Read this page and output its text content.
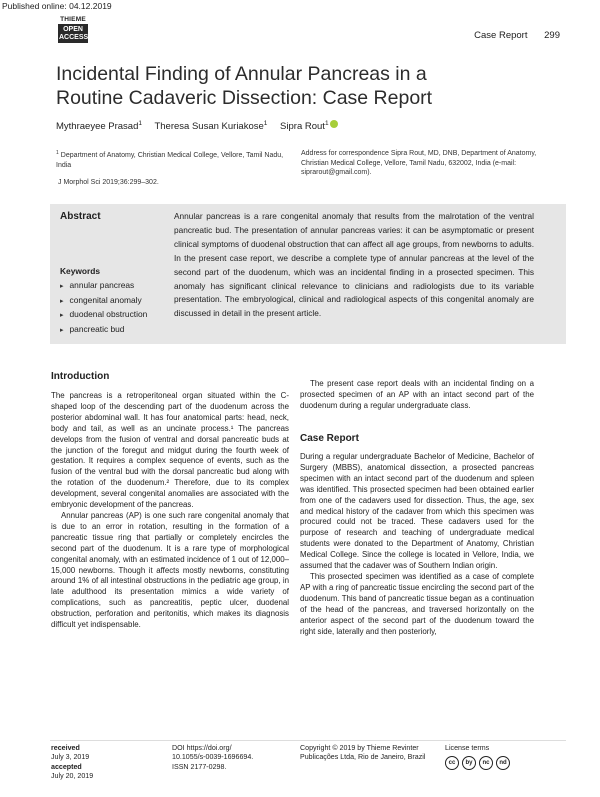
Published online: 04.12.2019
THIEME
OPEN
ACCESS	Case Report 299
Incidental Finding of Annular Pancreas in a Routine Cadaveric Dissection: Case Report
Mythraeyee Prasad$^1$ Theresa Susan Kuriakose$^1$ Sipra Rout$^1$
$^1$ Department of Anatomy, Christian Medical College, Vellore, Tamil Nadu, India
Address for correspondence Sipra Rout, MD, DNB, Department of Anatomy, Christian Medical College, Vellore, Tamil Nadu, 632002, India (e-mail: siprarout@gmail.com).
J Morphol Sci 2019;36:299–302.
Abstract	Annular pancreas is a rare congenital anomaly that results from the malrotation of the ventral pancreatic bud. The presentation of annular pancreas varies: it can be asymptomatic or present clinical symptoms of duodenal obstruction that can affect all age groups, from newborns to adults. In the present case report, we describe a complete type of annular pancreas at the level of the second part of the duodenum, which was an incidental finding in a prosected specimen. This anomaly has significant clinical relevance to clinicians and radiologists due to its variable presentation. The embryological, clinical and radiological aspects of this congenital anomaly are discussed in detail in the present article.
Keywords
▸ annular pancreas
▸ congenital anomaly
▸ duodenal obstruction
▸ pancreatic bud
Introduction

The pancreas is a retroperitoneal organ situated within the C-shaped loop of the descending part of the duodenum across the posterior abdominal wall. It has four anatomical parts: head, neck, body and tail, as well as an uncinate process.¹ The pancreas develops from the fusion of ventral and dorsal pancreatic buds at the junction of the foregut and midgut during the fourth week of gestation. It requires a complex sequence of events, such as the fusion of the ventral bud with the dorsal pancreatic bud along with the rotation of the duodenum.² Therefore, due to its complex development, several congenital anomalies are associated with the embryonic development of the pancreas.

Annular pancreas (AP) is one such rare congenital anomaly that is due to an error in rotation, resulting in the formation of a pancreatic tissue ring that partially or completely encircles the second part of the duodenum. It is a rare type of morphological congenital anomaly, with an estimated incidence of 1 out of 12,000–15,000 newborns. Though it affects mostly newborns, constituting around 1% of all intestinal obstructions in the pediatric age group, in late adulthood its presentation mimics a wide variety of complications, such as pancreatitis, peptic ulcer, duodenal obstruction, perforation and peritonitis, which makes its diagnosis difficult yet indispensable.

The present case report deals with an incidental finding on a prosected specimen of an AP with an intact second part of the duodenum during a regular undergraduate class.

Case Report

During a regular undergraduate Bachelor of Medicine, Bachelor of Surgery (MBBS), anatomical dissection, a prosected pancreas specimen with an intact second part of the duodenum and spleen was identified. This prosected specimen had been obtained earlier from one of the cadavers used for dissection. Thus, the age, sex and medical history of the cadaver from which this specimen was procured could not be traced. These cadavers used for the purpose of research and teaching of undergraduate medical students were donated to the Department of Anatomy, Christian Medical College. Since the college is located in Vellore, India, we assumed that the cadaver was of Southern Indian origin.

This prosected specimen was identified as a case of complete AP with a ring of pancreatic tissue encircling the second part of the duodenum. This band of pancreatic tissue began as a continuation of the head of the pancreas, and traversed horizontally on the anterior aspect of the second part of the duodenum toward the right side, laterally and then posteriorly,

received
July 3, 2019
accepted
July 20, 2019
DOI https://doi.org/
10.1055/s-0039-1696694.
ISSN 2177-0298.
Copyright © 2019 by Thieme Revinter
Publicações Ltda, Rio de Janeiro, Brazil
License terms
cc	by	nc	nd
